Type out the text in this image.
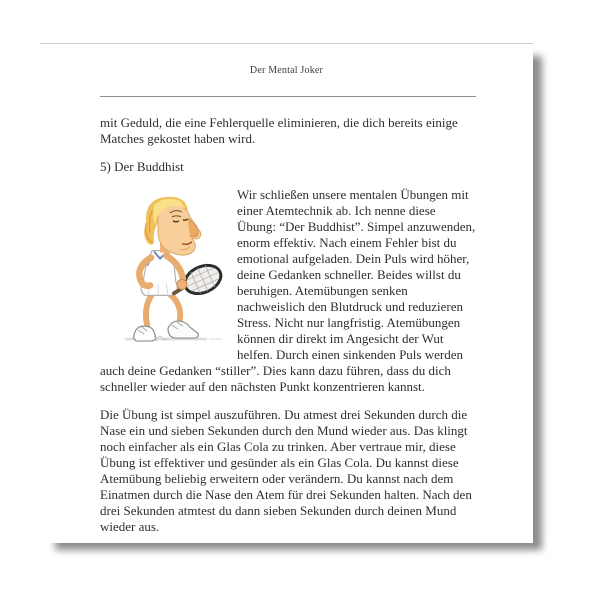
Der Mental Joker

mit Geduld, die eine Fehlerquelle eliminieren, die dich bereits einige Matches gekostet haben wird.

5) Der Buddhist

Wir schließen unsere mentalen Übungen mit einer Atemtechnik ab. Ich nenne diese Übung: “Der Buddhist”. Simpel anzuwenden, enorm effektiv. Nach einem Fehler bist du emotional aufgeladen. Dein Puls wird höher, deine Gedanken schneller. Beides willst du beruhigen. Atemübungen senken nachweislich den Blutdruck und reduzieren Stress. Nicht nur langfristig. Atemübungen können dir direkt im Angesicht der Wut helfen. Durch einen sinkenden Puls werden auch deine Gedanken “stiller”. Dies kann dazu führen, dass du dich schneller wieder auf den nächsten Punkt konzentrieren kannst.

Die Übung ist simpel auszuführen. Du atmest drei Sekunden durch die Nase ein und sieben Sekunden durch den Mund wieder aus. Das klingt noch einfacher als ein Glas Cola zu trinken. Aber vertraue mir, diese Übung ist effektiver und gesünder als ein Glas Cola. Du kannst diese Atemübung beliebig erweitern oder verändern. Du kannst nach dem Einatmen durch die Nase den Atem für drei Sekunden halten. Nach den drei Sekunden atmtest du dann sieben Sekunden durch deinen Mund wieder aus.
